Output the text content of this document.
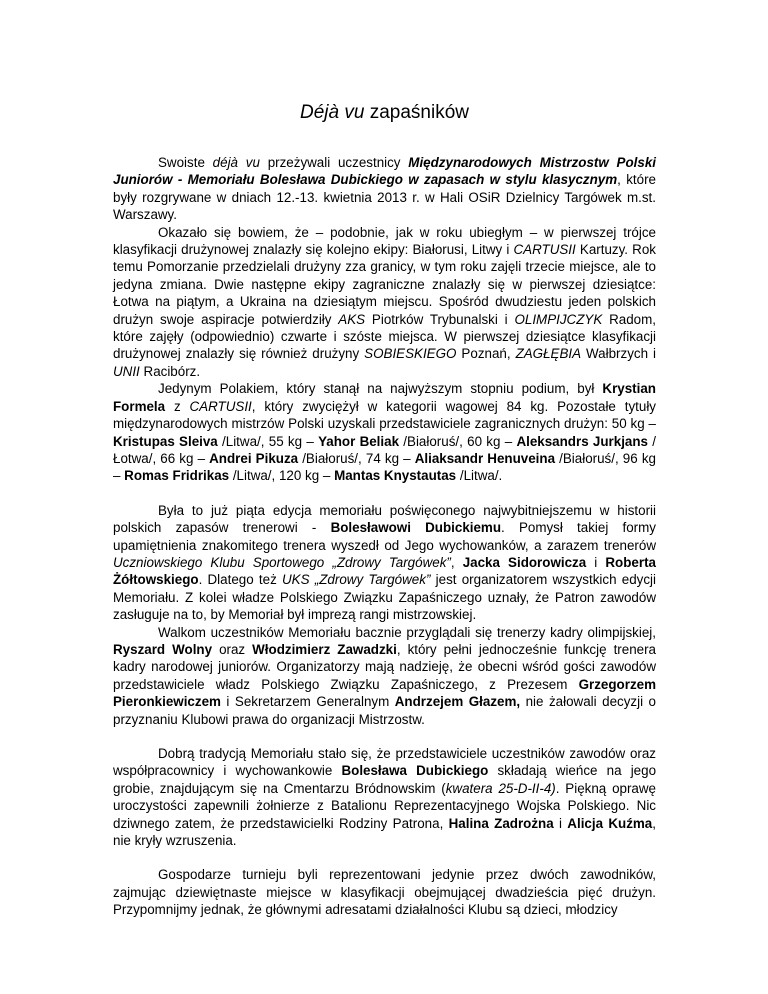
Déjà vu zapaśników

Swoiste déjà vu przeżywali uczestnicy Międzynarodowych Mistrzostw Polski Juniorów - Memoriału Bolesława Dubickiego w zapasach w stylu klasycznym, które były rozgrywane w dniach 12.-13. kwietnia 2013 r. w Hali OSiR Dzielnicy Targówek m.st. Warszawy.

Okazało się bowiem, że – podobnie, jak w roku ubiegłym – w pierwszej trójce klasyfikacji drużynowej znalazły się kolejno ekipy: Białorusi, Litwy i CARTUSII Kartuzy. Rok temu Pomorzanie przedzielali drużyny zza granicy, w tym roku zajęli trzecie miejsce, ale to jedyna zmiana. Dwie następne ekipy zagraniczne znalazły się w pierwszej dziesiątce: Łotwa na piątym, a Ukraina na dziesiątym miejscu. Spośród dwudziestu jeden polskich drużyn swoje aspiracje potwierdziły AKS Piotrków Trybunalski i OLIMPIJCZYK Radom, które zajęły (odpowiednio) czwarte i szóste miejsca. W pierwszej dziesiątce klasyfikacji drużynowej znalazły się również drużyny SOBIESKIEGO Poznań, ZAGŁĘBIA Wałbrzych i UNII Racibórz.

Jedynym Polakiem, który stanął na najwyższym stopniu podium, był Krystian Formela z CARTUSII, który zwyciężył w kategorii wagowej 84 kg. Pozostałe tytuły międzynarodowych mistrzów Polski uzyskali przedstawiciele zagranicznych drużyn: 50 kg – Kristupas Sleiva /Litwa/, 55 kg – Yahor Beliak /Białoruś/, 60 kg – Aleksandrs Jurkjans /Łotwa/, 66 kg – Andrei Pikuza /Białoruś/, 74 kg – Aliaksandr Henuveina /Białoruś/, 96 kg – Romas Fridrikas /Litwa/, 120 kg – Mantas Knystautas /Litwa/.

Była to już piąta edycja memoriału poświęconego najwybitniejszemu w historii polskich zapasów trenerowi - Bolesławowi Dubickiemu. Pomysł takiej formy upamiętnienia znakomitego trenera wyszedł od Jego wychowanków, a zarazem trenerów Uczniowskiego Klubu Sportowego „Zdrowy Targówek”, Jacka Sidorowicza i Roberta Żółtowskiego. Dlatego też UKS „Zdrowy Targówek” jest organizatorem wszystkich edycji Memoriału. Z kolei władze Polskiego Związku Zapaśniczego uznały, że Patron zawodów zasługuje na to, by Memoriał był imprezą rangi mistrzowskiej.

Walkom uczestników Memoriału bacznie przyglądali się trenerzy kadry olimpijskiej, Ryszard Wolny oraz Włodzimierz Zawadzki, który pełni jednocześnie funkcję trenera kadry narodowej juniorów. Organizatorzy mają nadzieję, że obecni wśród gości zawodów przedstawiciele władz Polskiego Związku Zapaśniczego, z Prezesem Grzegorzem Pieronkiewiczem i Sekretarzem Generalnym Andrzejem Głazem, nie żałowali decyzji o przyznaniu Klubowi prawa do organizacji Mistrzostw.

Dobrą tradycją Memoriału stało się, że przedstawiciele uczestników zawodów oraz współpracownicy i wychowankowie Bolesława Dubickiego składają wieńce na jego grobie, znajdującym się na Cmentarzu Bródnowskim (kwatera 25-D-II-4). Piękną oprawę uroczystości zapewnili żołnierze z Batalionu Reprezentacyjnego Wojska Polskiego. Nic dziwnego zatem, że przedstawicielki Rodziny Patrona, Halina Zadrożna i Alicja Kuźma, nie kryły wzruszenia.

Gospodarze turnieju byli reprezentowani jedynie przez dwóch zawodników, zajmując dziewiętnaste miejsce w klasyfikacji obejmującej dwadzieścia pięć drużyn. Przypomnijmy jednak, że głównymi adresatami działalności Klubu są dzieci, młodzicy
